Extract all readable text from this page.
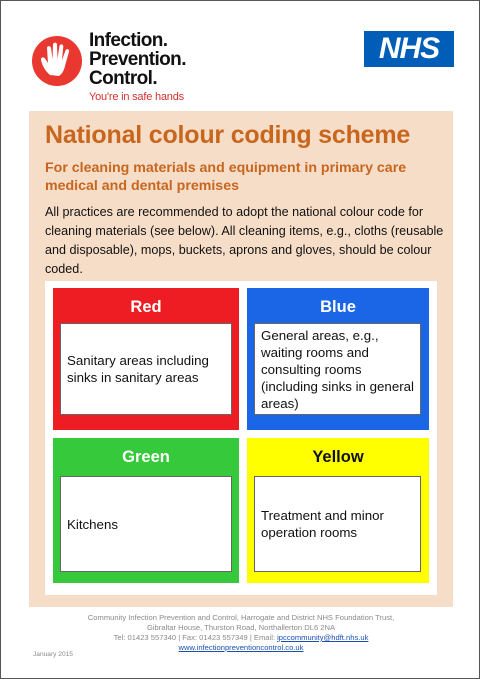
Infection.
Prevention.
Control.
You're in safe hands
NHS
National colour coding scheme
For cleaning materials and equipment in primary care medical and dental premises
All practices are recommended to adopt the national colour code for cleaning materials (see below). All cleaning items, e.g., cloths (reusable and disposable), mops, buckets, aprons and gloves, should be colour coded.
Red
Sanitary areas including sinks in sanitary areas
Blue
General areas, e.g., waiting rooms and consulting rooms (including sinks in general areas)
Green
Kitchens
Yellow
Treatment and minor operation rooms
Community Infection Prevention and Control, Harrogate and District NHS Foundation Trust,
Gibraltar House, Thurston Road, Northallerton DL6 2NA
Tel: 01423 557340 | Fax: 01423 557349 | Email: ipccommunity@hdft.nhs.uk
www.infectionpreventioncontrol.co.uk
January 2015
